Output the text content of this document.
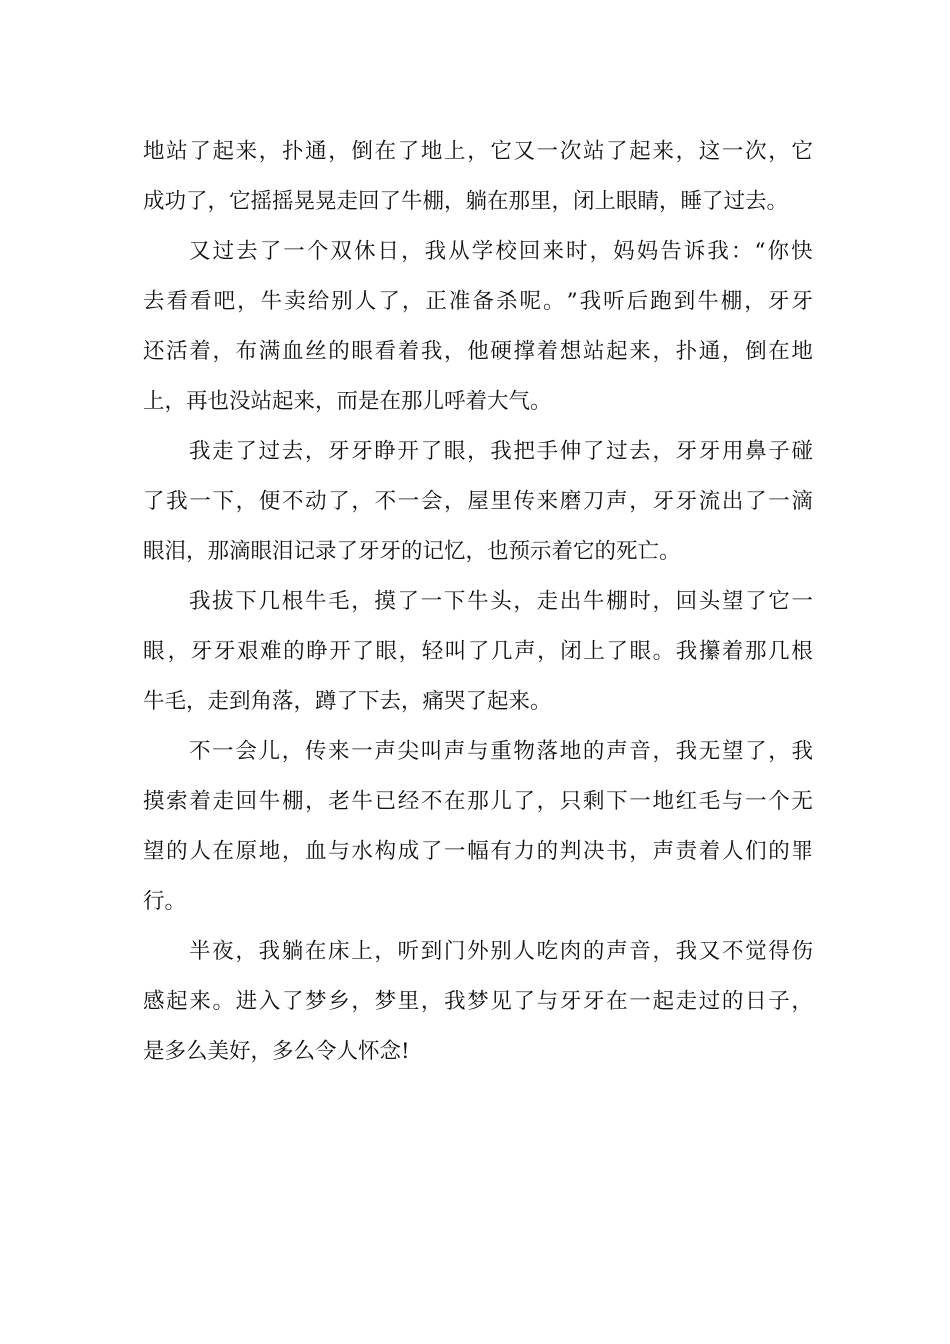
地 站 了 起 来 ， 扑 通 ， 倒 在 了 地 上 ， 它 又 一 次 站 了 起 来 ， 这 一 次 ， 它
成功了，它摇摇晃晃走回了牛棚，躺在那里，闭上眼睛，睡了过去。
又 过 去 了 一 个 双 休 日 ， 我 从 学 校 回 来 时 ， 妈 妈 告 诉 我 ： “ 你 快
去 看 看 吧 ， 牛 卖 给 别 人 了 ， 正 准 备 杀 呢 。 ” 我 听 后 跑 到 牛 棚 ， 牙 牙
还 活 着 ， 布 满 血 丝 的 眼 看 着 我 ， 他 硬 撑 着 想 站 起 来 ， 扑 通 ， 倒 在 地
上，再也没站起来，而是在那儿呼着大气。
我 走 了 过 去 ， 牙 牙 睁 开 了 眼 ， 我 把 手 伸 了 过 去 ， 牙 牙 用 鼻 子 碰
了 我 一 下 ， 便 不 动 了 ， 不 一 会 ， 屋 里 传 来 磨 刀 声 ， 牙 牙 流 出 了 一 滴
眼泪，那滴眼泪记录了牙牙的记忆，也预示着它的死亡。
我 拔 下 几 根 牛 毛 ， 摸 了 一 下 牛 头 ， 走 出 牛 棚 时 ， 回 头 望 了 它 一
眼 ， 牙 牙 艰 难 的 睁 开 了 眼 ， 轻 叫 了 几 声 ， 闭 上 了 眼 。 我 攥 着 那 几 根
牛毛，走到角落，蹲了下去，痛哭了起来。
不 一 会 儿 ， 传 来 一 声 尖 叫 声 与 重 物 落 地 的 声 音 ， 我 无 望 了 ， 我
摸 索 着 走 回 牛 棚 ， 老 牛 已 经 不 在 那 儿 了 ， 只 剩 下 一 地 红 毛 与 一 个 无
望 的 人 在 原 地 ， 血 与 水 构 成 了 一 幅 有 力 的 判 决 书 ， 声 责 着 人 们 的 罪
行。
半 夜 ， 我 躺 在 床 上 ， 听 到 门 外 别 人 吃 肉 的 声 音 ， 我 又 不 觉 得 伤
感 起 来 。 进 入 了 梦 乡 ， 梦 里 ， 我 梦 见 了 与 牙 牙 在 一 起 走 过 的 日 子 ，
是多么美好，多么令人怀念!
